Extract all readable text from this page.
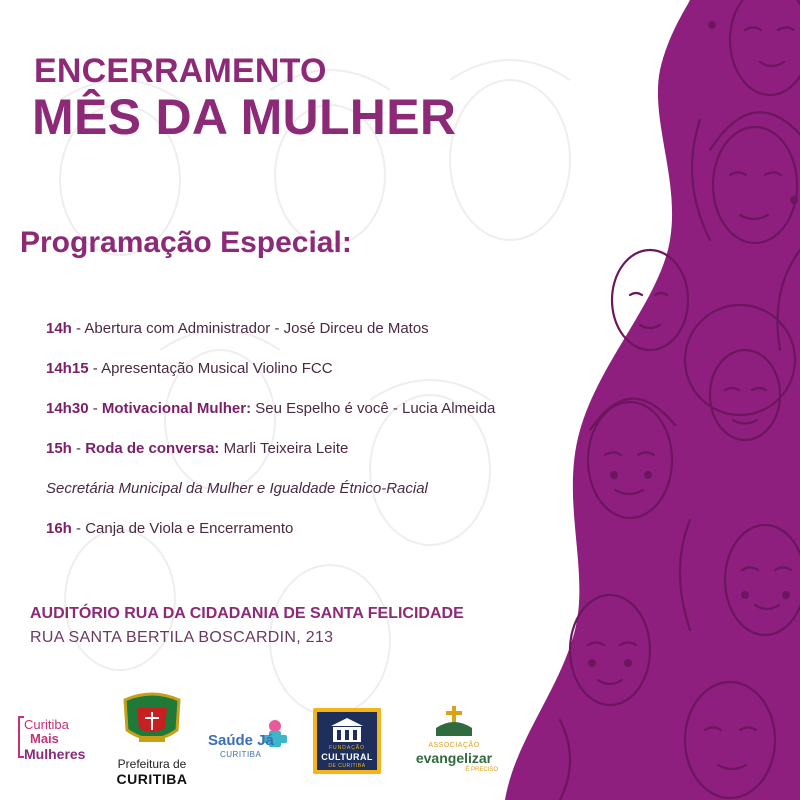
ENCERRAMENTO
MÊS DA MULHER
Programação Especial:
14h - Abertura com Administrador - José Dirceu de Matos
14h15 - Apresentação Musical Violino FCC
14h30 - Motivacional Mulher: Seu Espelho é você - Lucia Almeida
15h - Roda de conversa: Marli Teixeira Leite
Secretária Municipal da Mulher e Igualdade Étnico-Racial
16h - Canja de Viola e Encerramento
AUDITÓRIO RUA DA CIDADANIA DE SANTA FELICIDADE
RUA SANTA BERTILA BOSCARDIN, 213
Curitiba
Mais
Mulheres
Prefeitura de
CURITIBA
Saúde Já
CURITIBA
FUNDAÇÃO
CULTURAL
DE CURITIBA
ASSOCIAÇÃO
evangelizar
É PRECISO
